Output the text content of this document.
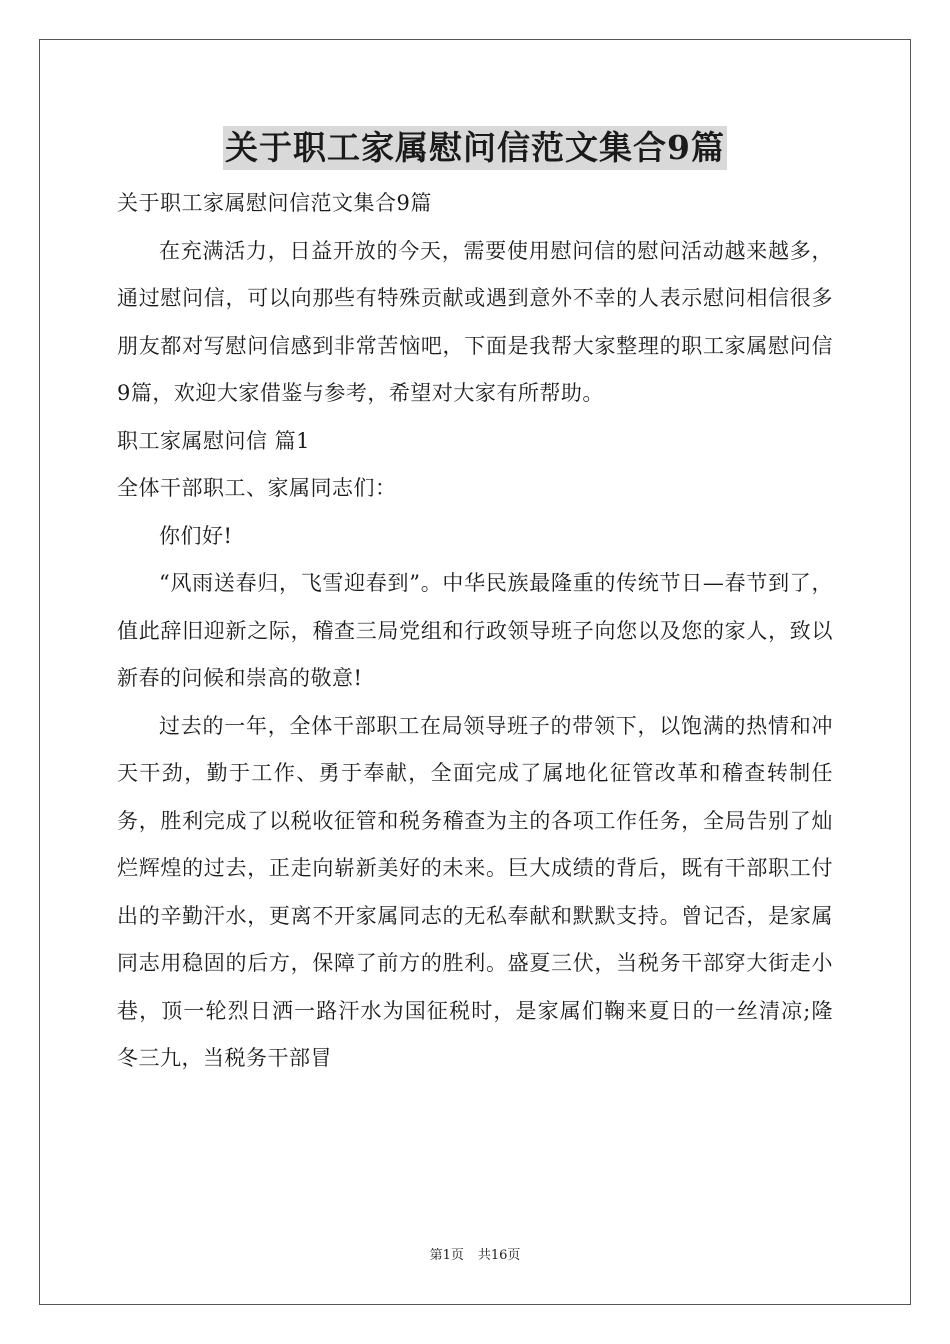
关于职工家属慰问信范文集合9篇

关于职工家属慰问信范文集合9篇

在充满活力，日益开放的今天，需要使用慰问信的慰问活动越来越多，通过慰问信，可以向那些有特殊贡献或遇到意外不幸的人表示慰问相信很多朋友都对写慰问信感到非常苦恼吧，下面是我帮大家整理的职工家属慰问信9篇，欢迎大家借鉴与参考，希望对大家有所帮助。

职工家属慰问信 篇1

全体干部职工、家属同志们：

你们好!

“风雨送春归，飞雪迎春到”。中华民族最隆重的传统节日—春节到了，值此辞旧迎新之际，稽查三局党组和行政领导班子向您以及您的家人，致以新春的问候和崇高的敬意!

过去的一年，全体干部职工在局领导班子的带领下，以饱满的热情和冲天干劲，勤于工作、勇于奉献，全面完成了属地化征管改革和稽查转制任务，胜利完成了以税收征管和税务稽查为主的各项工作任务，全局告别了灿烂辉煌的过去，正走向崭新美好的未来。巨大成绩的背后，既有干部职工付出的辛勤汗水，更离不开家属同志的无私奉献和默默支持。曾记否，是家属同志用稳固的后方，保障了前方的胜利。盛夏三伏，当税务干部穿大街走小巷，顶一轮烈日洒一路汗水为国征税时，是家属们鞠来夏日的一丝清凉;隆冬三九，当税务干部冒

第1页 共16页
